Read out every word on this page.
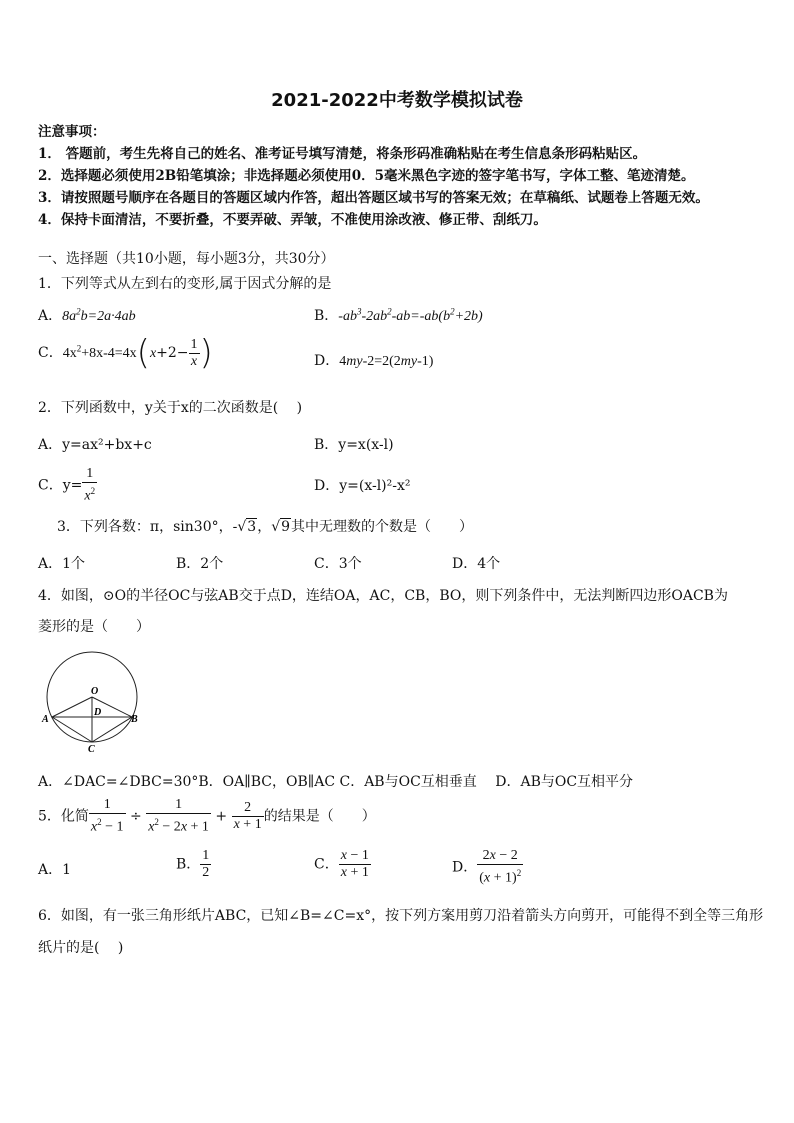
2021-2022中考数学模拟试卷
注意事项：
1． 答题前，考生先将自己的姓名、准考证号填写清楚，将条形码准确粘贴在考生信息条形码粘贴区。
2．选择题必须使用2B铅笔填涂；非选择题必须使用0．5毫米黑色字迹的签字笔书写，字体工整、笔迹清楚。
3．请按照题号顺序在各题目的答题区域内作答，超出答题区域书写的答案无效；在草稿纸、试题卷上答题无效。
4．保持卡面清洁，不要折叠，不要弄破、弄皱，不准使用涂改液、修正带、刮纸刀。
一、选择题（共10小题，每小题3分，共30分）
1．下列等式从左到右的变形,属于因式分解的是
A．$8a^2b=2a\cdot 4ab$	B．$-ab^3-2ab^2-ab=-ab(b^2+2b)$
C．$4x^2+8x-4=4x(x+2- \frac{1}{x}$ )	D．4my-2=2(2my-1)
2．下列函数中，y关于x的二次函数是(　 )
A．y=ax²+bx+c	B．y=x(x-l)
C．$y= \frac{1}{x^2}$	D．y=(x-l)²-x²
3．下列各数：π，sin30°，-√3，√9其中无理数的个数是（　　）
A．1个	B．2个	C．3个	D．4个
4．如图，⊙O的半径OC与弦AB交于点D，连结OA，AC，CB，BO，则下列条件中，无法判断四边形OACB为
菱形的是（　　）
O
D
A	B
C
A．∠DAC=∠DBC=30°B．OA∥BC，OB∥AC C．AB与OC互相垂直　 D．AB与OC互相平分
5．化简 $\frac{1}{x^2 - 1} \div \frac{1}{x^2 - 2x + 1} + \frac{2}{x + 1}$ 的结果是（　　）
A．1	B． $\frac{1}{2}$	C． $\frac{x - 1}{x + 1}$	D． $\frac{2x - 2}{(x + 1)^2}$
6．如图，有一张三角形纸片ABC，已知∠B=∠C=x°，按下列方案用剪刀沿着箭头方向剪开，可能得不到全等三角形
纸片的是(　 )
